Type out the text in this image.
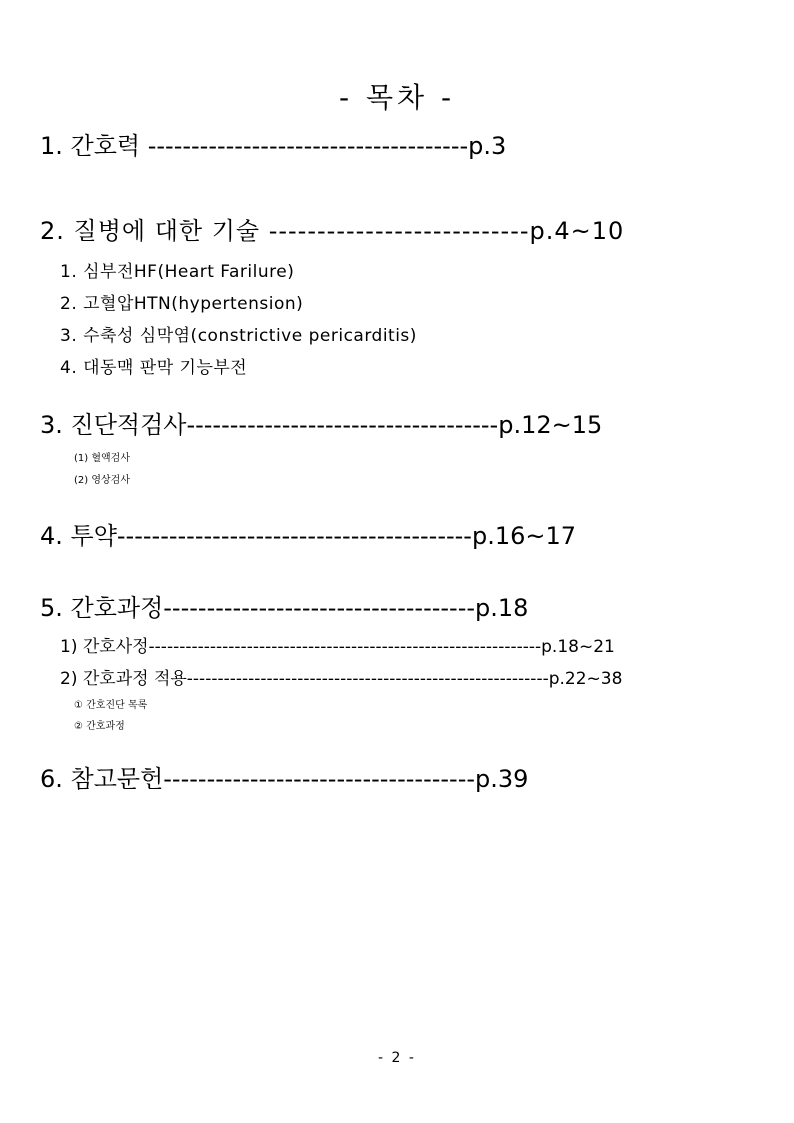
- 목차 -
1. 간호력 -------------------------------------p.3
2. 질병에 대한 기술 ---------------------------p.4~10
1. 심부전HF(Heart Farilure)
2. 고혈압HTN(hypertension)
3. 수축성 심막염(constrictive pericarditis)
4. 대동맥 판막 기능부전
3. 진단적검사------------------------------------p.12~15
(1) 혈액검사
(2) 영상검사
4. 투약-----------------------------------------p.16~17
5. 간호과정------------------------------------p.18
1) 간호사정----------------------------------------------------------------p.18~21
2) 간호과정 적용-----------------------------------------------------------p.22~38
① 간호진단 목록
② 간호과정
6. 참고문헌------------------------------------p.39
- 2 -
